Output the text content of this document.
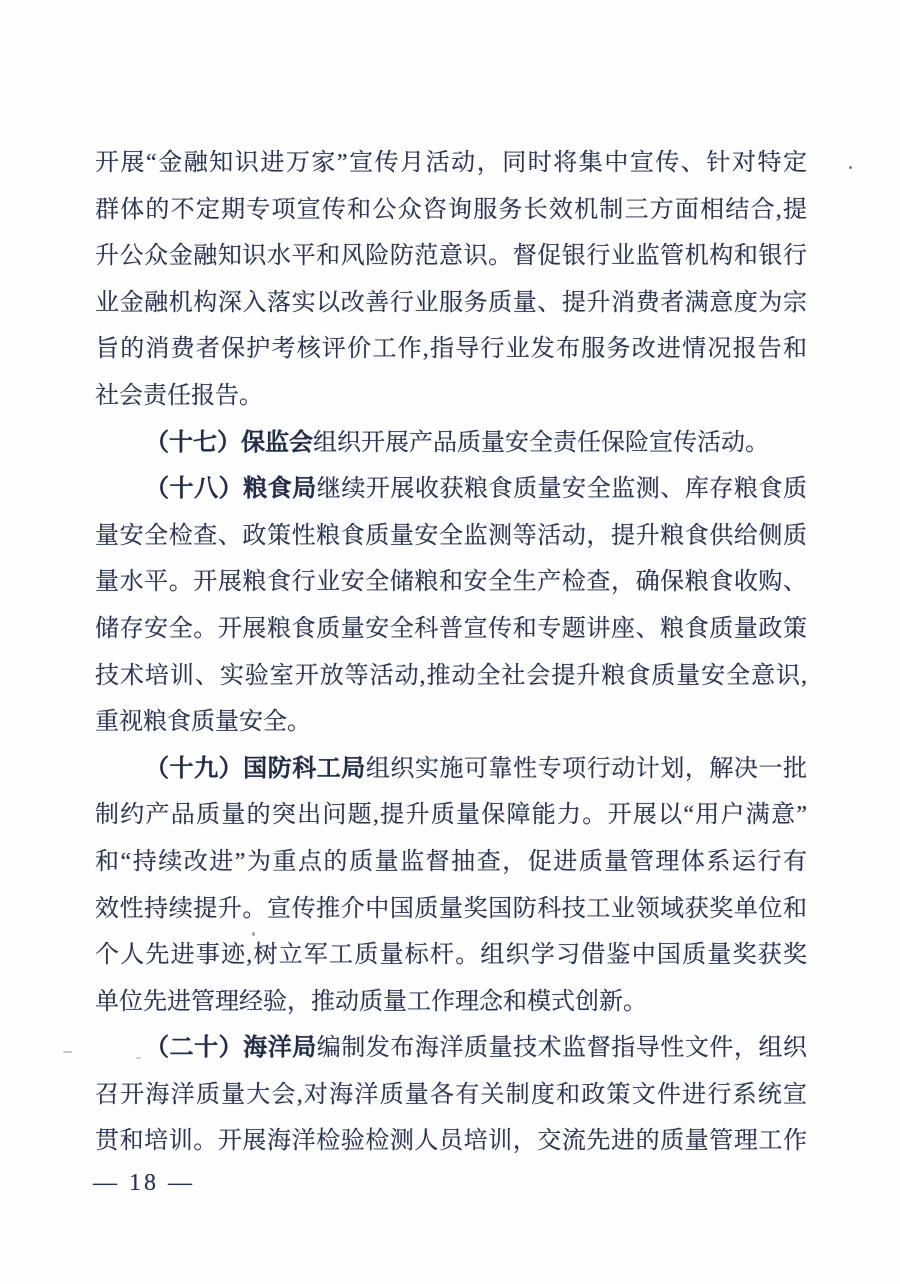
开展“金融知识进万家”宣传月活动，同时将集中宣传、针对特定
群体的不定期专项宣传和公众咨询服务长效机制三方面相结合,提
升公众金融知识水平和风险防范意识。督促银行业监管机构和银行
业金融机构深入落实以改善行业服务质量、提升消费者满意度为宗
旨的消费者保护考核评价工作,指导行业发布服务改进情况报告和
社会责任报告。
（十七）保监会组织开展产品质量安全责任保险宣传活动。
（十八）粮食局继续开展收获粮食质量安全监测、库存粮食质
量安全检查、政策性粮食质量安全监测等活动，提升粮食供给侧质
量水平。开展粮食行业安全储粮和安全生产检查，确保粮食收购、
储存安全。开展粮食质量安全科普宣传和专题讲座、粮食质量政策
技术培训、实验室开放等活动,推动全社会提升粮食质量安全意识,
重视粮食质量安全。
（十九）国防科工局组织实施可靠性专项行动计划，解决一批
制约产品质量的突出问题,提升质量保障能力。开展以“用户满意”
和“持续改进”为重点的质量监督抽查，促进质量管理体系运行有
效性持续提升。宣传推介中国质量奖国防科技工业领域获奖单位和
个人先进事迹,树立军工质量标杆。组织学习借鉴中国质量奖获奖
单位先进管理经验，推动质量工作理念和模式创新。
（二十）海洋局编制发布海洋质量技术监督指导性文件，组织
召开海洋质量大会,对海洋质量各有关制度和政策文件进行系统宣
贯和培训。开展海洋检验检测人员培训，交流先进的质量管理工作
— 18 —
